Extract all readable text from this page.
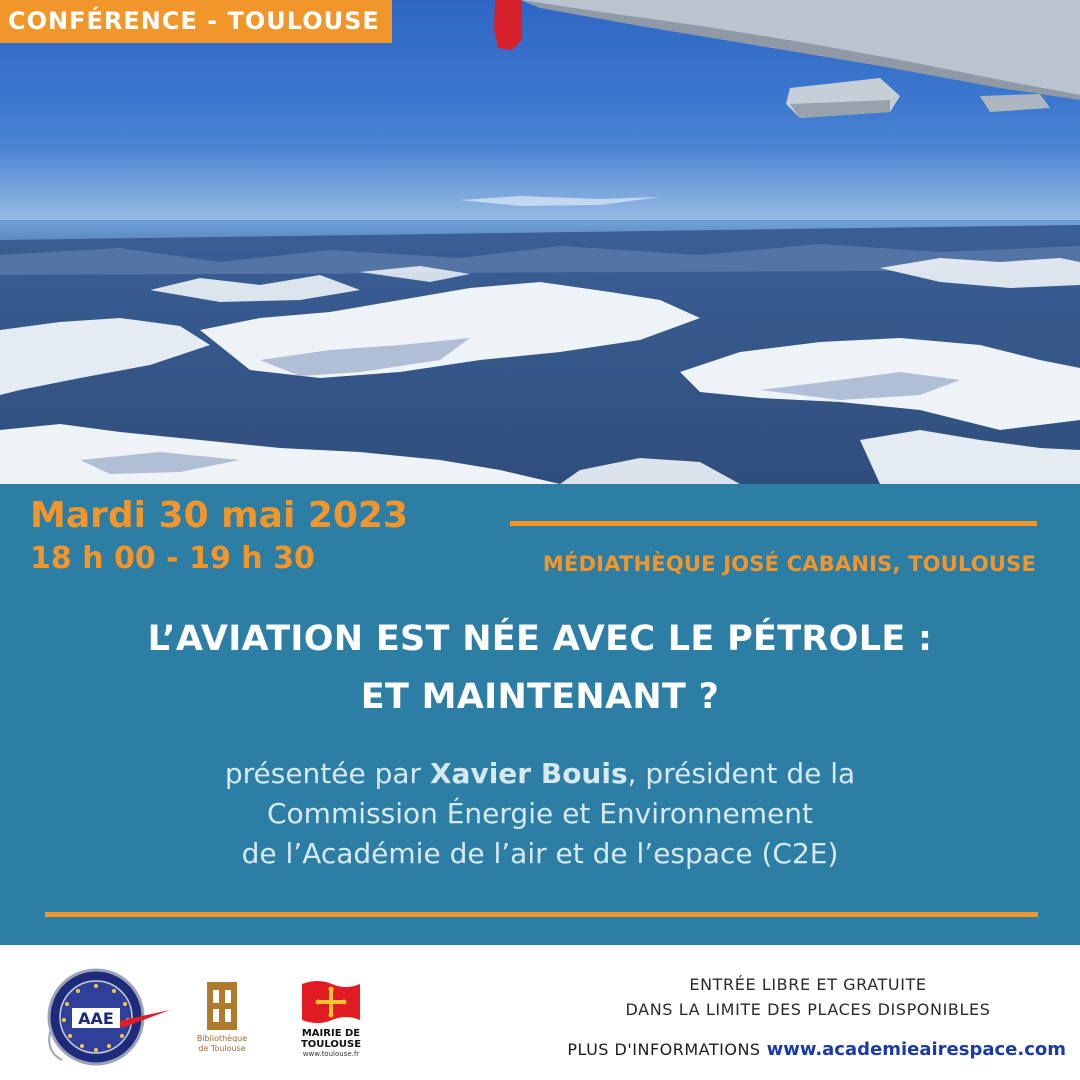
CONFÉRENCE - TOULOUSE
Mardi 30 mai 2023
18 h 00 - 19 h 30	MÉDIATHÈQUE JOSÉ CABANIS, TOULOUSE
L’AVIATION EST NÉE AVEC LE PÉTROLE :
ET MAINTENANT ?
présentée par Xavier Bouis, président de la
Commission Énergie et Environnement
de l’Académie de l’air et de l’espace (C2E)
AAE
Bibliothèque
de Toulouse
MAIRIE DE
TOULOUSE
www.toulouse.fr
ENTRÉE LIBRE ET GRATUITE
DANS LA LIMITE DES PLACES DISPONIBLES
PLUS D'INFORMATIONS www.academieairespace.com
